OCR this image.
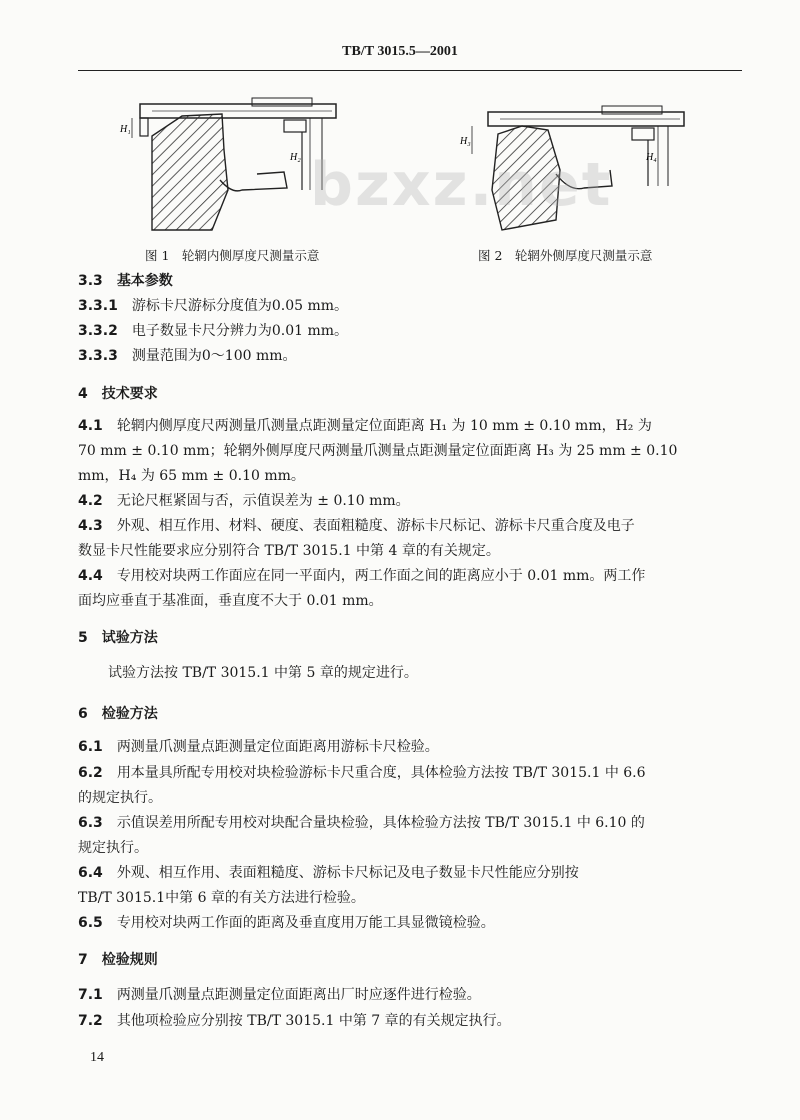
TB/T 3015.5—2001
H₁
H₂
H₃
H₄
bzxz.net
图 1　轮辋内侧厚度尺测量示意	图 2　轮辋外侧厚度尺测量示意
3.3　 基本参数
3.3.1　 游标卡尺游标分度值为0.05 mm。
3.3.2　 电子数显卡尺分辨力为0.01 mm。
3.3.3　 测量范围为0～100 mm。
4　 技术要求
4.1　 轮辋内侧厚度尺两测量爪测量点距测量定位面距离 H₁ 为 10 mm ± 0.10 mm，H₂ 为
70 mm ± 0.10 mm；轮辋外侧厚度尺两测量爪测量点距测量定位面距离 H₃ 为 25 mm ± 0.10
mm，H₄ 为 65 mm ± 0.10 mm。
4.2　 无论尺框紧固与否，示值误差为 ± 0.10 mm。
4.3　 外观、相互作用、材料、硬度、表面粗糙度、游标卡尺标记、游标卡尺重合度及电子
数显卡尺性能要求应分别符合 TB/T 3015.1 中第 4 章的有关规定。
4.4　 专用校对块两工作面应在同一平面内，两工作面之间的距离应小于 0.01 mm。两工作
面均应垂直于基准面，垂直度不大于 0.01 mm。
5　 试验方法
试验方法按 TB/T 3015.1 中第 5 章的规定进行。
6　 检验方法
6.1　 两测量爪测量点距测量定位面距离用游标卡尺检验。
6.2　 用本量具所配专用校对块检验游标卡尺重合度，具体检验方法按 TB/T 3015.1 中 6.6
的规定执行。
6.3　 示值误差用所配专用校对块配合量块检验，具体检验方法按 TB/T 3015.1 中 6.10 的
规定执行。
6.4　 外观、相互作用、表面粗糙度、游标卡尺标记及电子数显卡尺性能应分别按
TB/T 3015.1中第 6 章的有关方法进行检验。
6.5　 专用校对块两工作面的距离及垂直度用万能工具显微镜检验。
7　 检验规则
7.1　 两测量爪测量点距测量定位面距离出厂时应逐件进行检验。
7.2　 其他项检验应分别按 TB/T 3015.1 中第 7 章的有关规定执行。
14
